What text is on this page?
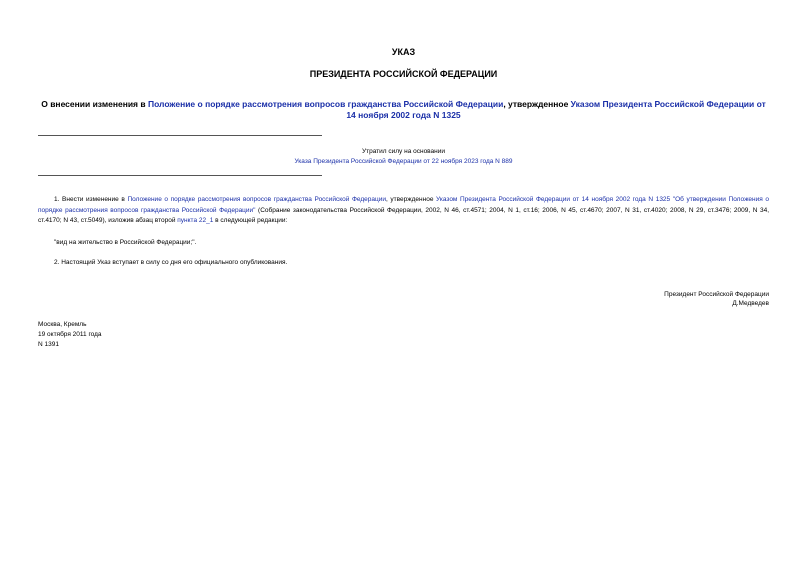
УКАЗ
ПРЕЗИДЕНТА РОССИЙСКОЙ ФЕДЕРАЦИИ
О внесении изменения в Положение о порядке рассмотрения вопросов гражданства Российской Федерации, утвержденное Указом Президента Российской Федерации от 14 ноября 2002 года N 1325
Утратил силу на основании
Указа Президента Российской Федерации от 22 ноября 2023 года N 889
1. Внести изменение в Положение о порядке рассмотрения вопросов гражданства Российской Федерации, утвержденное Указом Президента Российской Федерации от 14 ноября 2002 года N 1325 "Об утверждении Положения о порядке рассмотрения вопросов гражданства Российской Федерации" (Собрание законодательства Российской Федерации, 2002, N 46, ст.4571; 2004, N 1, ст.16; 2006, N 45, ст.4670; 2007, N 31, ст.4020; 2008, N 29, ст.3476; 2009, N 34, ст.4170; N 43, ст.5049), изложив абзац второй пункта 22_1 в следующей редакции:
"вид на жительство в Российской Федерации;".
2. Настоящий Указ вступает в силу со дня его официального опубликования.
Президент Российской Федерации
Д.Медведев
Москва, Кремль
19 октября 2011 года
N 1391
